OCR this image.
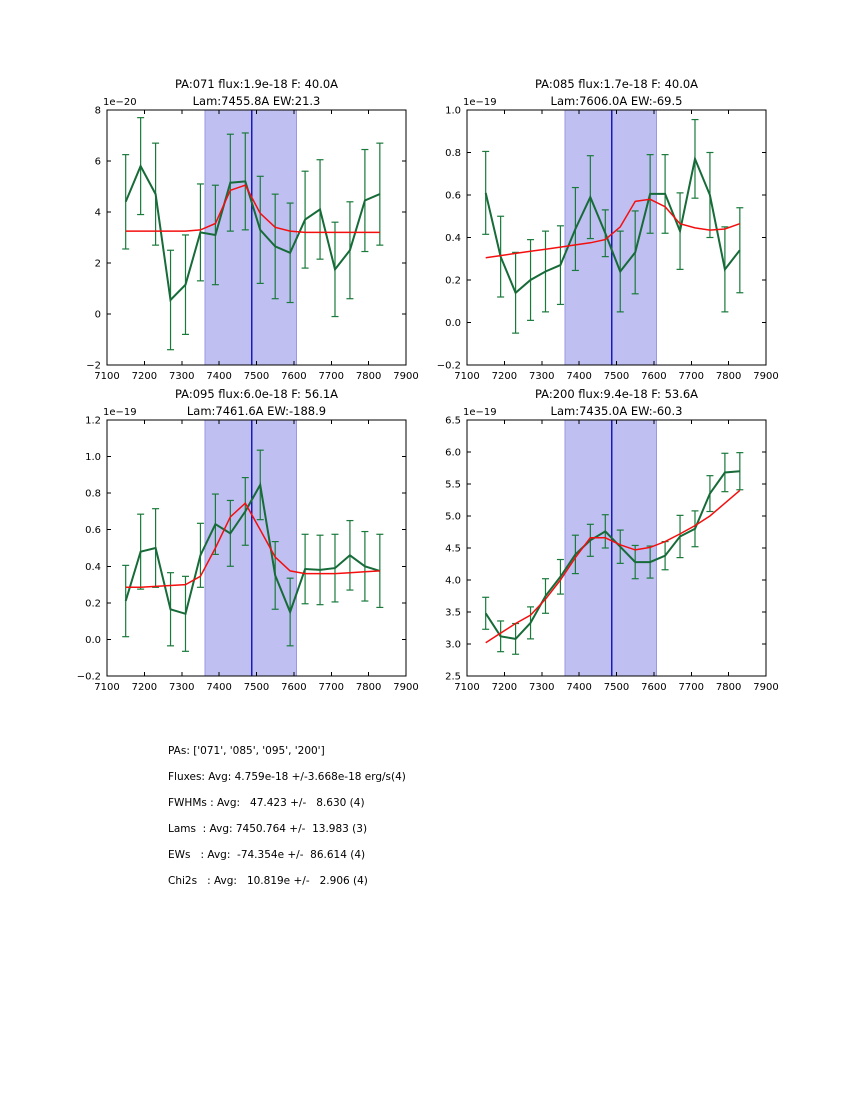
7100 7200 7300 7400 7500 7600 7700 7800 7900
−2
0
2
4
6
8
PA:071 flux:1.9e-18 F: 40.0A
Lam:7455.8A EW:21.3
1e−20
7100 7200 7300 7400 7500 7600 7700 7800 7900
−0.2
0.0
0.2
0.4
0.6
0.8
1.0
PA:085 flux:1.7e-18 F: 40.0A
Lam:7606.0A EW:-69.5
1e−19
7100 7200 7300 7400 7500 7600 7700 7800 7900
−0.2
0.0
0.2
0.4
0.6
0.8
1.0
1.2
PA:095 flux:6.0e-18 F: 56.1A
Lam:7461.6A EW:-188.9
1e−19
7100 7200 7300 7400 7500 7600 7700 7800 7900
2.5
3.0
3.5
4.0
4.5
5.0
5.5
6.0
6.5
PA:200 flux:9.4e-18 F: 53.6A
Lam:7435.0A EW:-60.3
1e−19
PAs: ['071', '085', '095', '200']
Fluxes: Avg: 4.759e-18 +/-3.668e-18 erg/s(4)
FWHMs : Avg:   47.423 +/-   8.630 (4)
Lams  : Avg: 7450.764 +/-  13.983 (3)
EWs   : Avg:  -74.354e +/-  86.614 (4)
Chi2s   : Avg:   10.819e +/-   2.906 (4)
